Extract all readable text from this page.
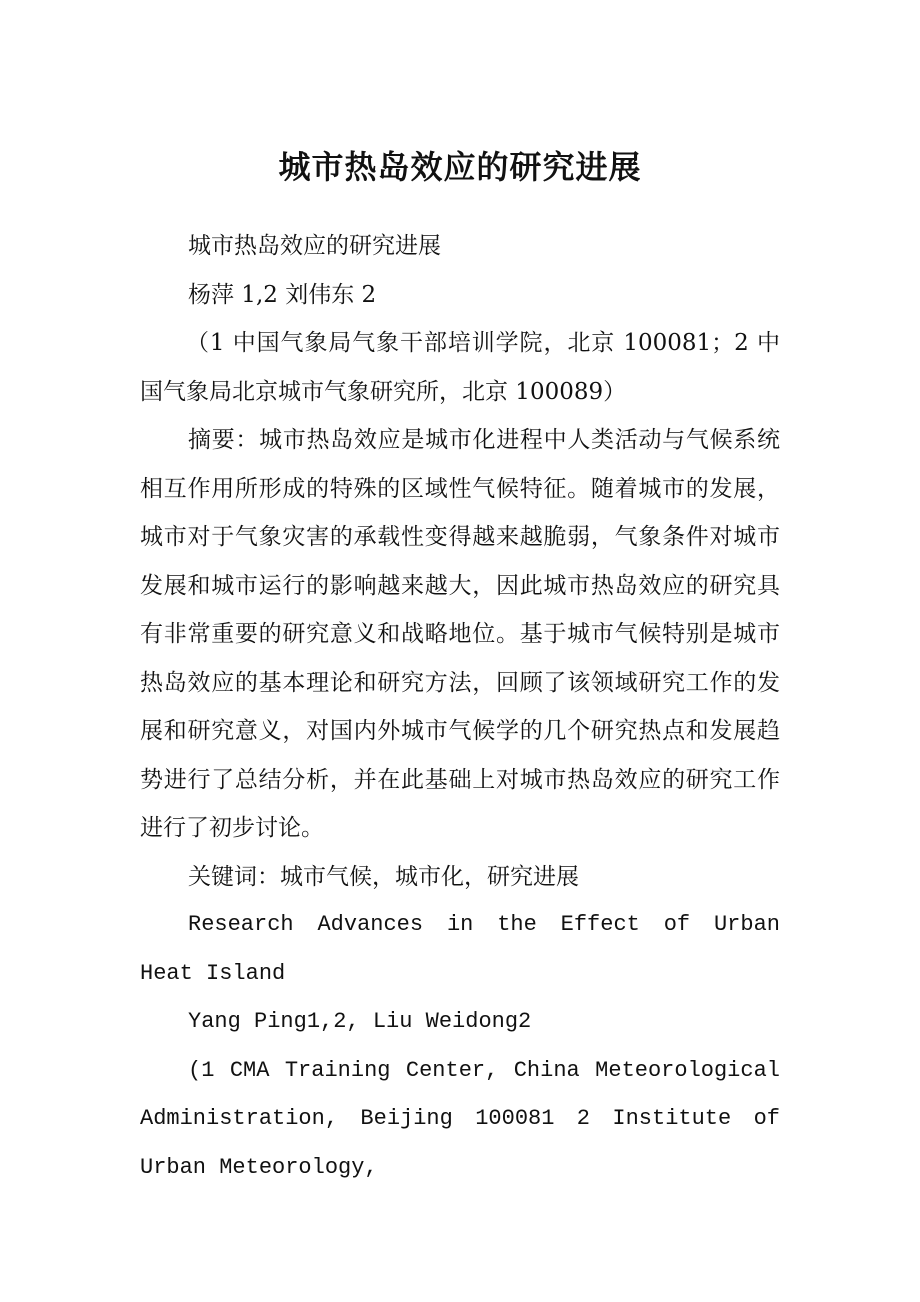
城市热岛效应的研究进展

城市热岛效应的研究进展

杨萍 1,2 刘伟东 2

（1 中国气象局气象干部培训学院，北京 100081；2 中国气象局北京城市气象研究所，北京 100089）

摘要：城市热岛效应是城市化进程中人类活动与气候系统相互作用所形成的特殊的区域性气候特征。随着城市的发展，城市对于气象灾害的承载性变得越来越脆弱，气象条件对城市发展和城市运行的影响越来越大，因此城市热岛效应的研究具有非常重要的研究意义和战略地位。基于城市气候特别是城市热岛效应的基本理论和研究方法，回顾了该领域研究工作的发展和研究意义，对国内外城市气候学的几个研究热点和发展趋势进行了总结分析，并在此基础上对城市热岛效应的研究工作进行了初步讨论。

关键词：城市气候，城市化，研究进展

Research Advances in the Effect of Urban Heat Island

Yang Ping1,2, Liu Weidong2

(1 CMA Training Center, China Meteorological Administration, Beijing 100081 2 Institute of Urban Meteorology,
